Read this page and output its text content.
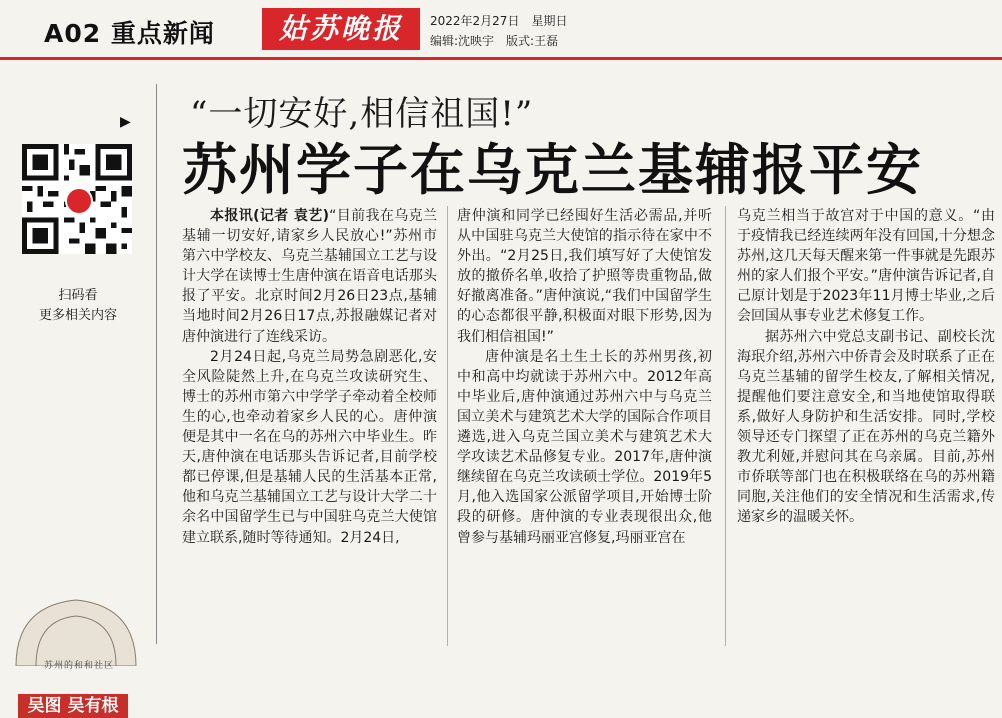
A02 重点新闻	姑苏晚报	2022年2月27日　星期日
编辑:沈映宇　版式:王磊
▶
扫码看
更多相关内容
苏州的和和社区
吴图 吴有根
“一切安好,相信祖国!”
苏州学子在乌克兰基辅报平安

本报讯(记者 袁艺)“目前我在乌克兰基辅一切安好,请家乡人民放心!”苏州市第六中学校友、乌克兰基辅国立工艺与设计大学在读博士生唐仲演在语音电话那头报了平安。北京时间2月26日23点,基辅当地时间2月26日17点,苏报融媒记者对唐仲演进行了连线采访。

2月24日起,乌克兰局势急剧恶化,安全风险陡然上升,在乌克兰攻读研究生、博士的苏州市第六中学学子牵动着全校师生的心,也牵动着家乡人民的心。唐仲演便是其中一名在乌的苏州六中毕业生。昨天,唐仲演在电话那头告诉记者,目前学校都已停课,但是基辅人民的生活基本正常,他和乌克兰基辅国立工艺与设计大学二十余名中国留学生已与中国驻乌克兰大使馆建立联系,随时等待通知。2月24日,

唐仲演和同学已经囤好生活必需品,并听从中国驻乌克兰大使馆的指示待在家中不外出。“2月25日,我们填写好了大使馆发放的撤侨名单,收拾了护照等贵重物品,做好撤离准备。”唐仲演说,“我们中国留学生的心态都很平静,积极面对眼下形势,因为我们相信祖国!”

唐仲演是名土生土长的苏州男孩,初中和高中均就读于苏州六中。2012年高中毕业后,唐仲演通过苏州六中与乌克兰国立美术与建筑艺术大学的国际合作项目遴选,进入乌克兰国立美术与建筑艺术大学攻读艺术品修复专业。2017年,唐仲演继续留在乌克兰攻读硕士学位。2019年5月,他入选国家公派留学项目,开始博士阶段的研修。唐仲演的专业表现很出众,他曾参与基辅玛丽亚宫修复,玛丽亚宫在

乌克兰相当于故宫对于中国的意义。“由于疫情我已经连续两年没有回国,十分想念苏州,这几天每天醒来第一件事就是先跟苏州的家人们报个平安。”唐仲演告诉记者,自己原计划是于2023年11月博士毕业,之后会回国从事专业艺术修复工作。

据苏州六中党总支副书记、副校长沈海珉介绍,苏州六中侨青会及时联系了正在乌克兰基辅的留学生校友,了解相关情况,提醒他们要注意安全,和当地使馆取得联系,做好人身防护和生活安排。同时,学校领导还专门探望了正在苏州的乌克兰籍外教尤利娅,并慰问其在乌亲属。目前,苏州市侨联等部门也在积极联络在乌的苏州籍同胞,关注他们的安全情况和生活需求,传递家乡的温暖关怀。
